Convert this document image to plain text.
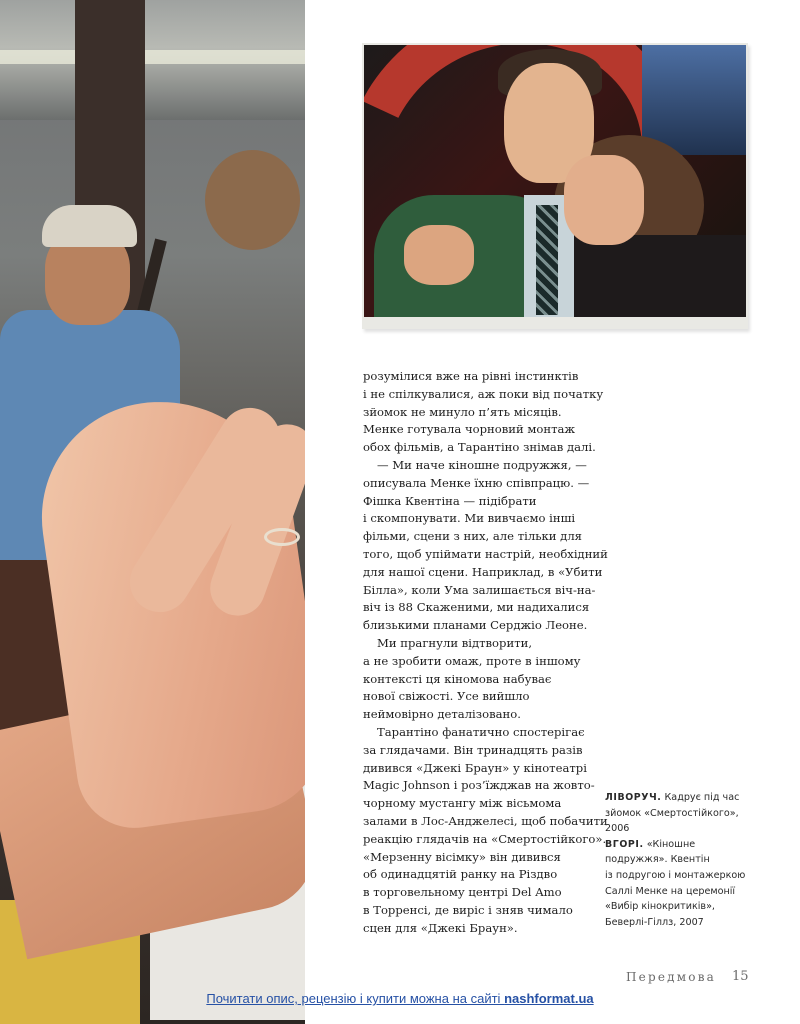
розумілися вже на рівні інстинктів

і не спілкувалися, аж поки від початку

зйомок не минуло п’ять місяців.

Менке готувала чорновий монтаж

обох фільмів, а Тарантіно знімав далі.

— Ми наче кіношне подружжя, —

описувала Менке їхню співпрацю. —

Фішка Квентіна — підібрати

і скомпонувати. Ми вивчаємо інші

фільми, сцени з них, але тільки для

того, щоб упіймати настрій, необхідний

для нашої сцени. Наприклад, в «Убити

Білла», коли Ума залишається віч-на-

віч із 88 Скаженими, ми надихалися

близькими планами Серджіо Леоне.

Ми прагнули відтворити,

а не зробити омаж, проте в іншому

контексті ця кіномова набуває

нової свіжості. Усе вийшло

неймовірно деталізовано.

Тарантіно фанатично спостерігає

за глядачами. Він тринадцять разів

дивився «Джекі Браун» у кінотеатрі

Magic Johnson і роз’їжджав на жовто-

чорному мустангу між вісьмома

залами в Лос-Анджелесі, щоб побачити

реакцію глядачів на «Смертостійкого».

«Мерзенну вісімку» він дивився

об одинадцятій ранку на Різдво

в торговельному центрі Del Amo

в Торренсі, де виріс і зняв чимало

сцен для «Джекі Браун».

ЛІВОРУЧ. Кадрує під час

зйомок «Смертостійкого»,

2006

ВГОРІ. «Кіношне

подружжя». Квентін

із подругою і монтажеркою

Саллі Менке на церемонії

«Вибір кінокритиків»,

Беверлі-Гіллз, 2007

Передмова 15
Почитати опис, рецензію і купити можна на сайті nashformat.ua
